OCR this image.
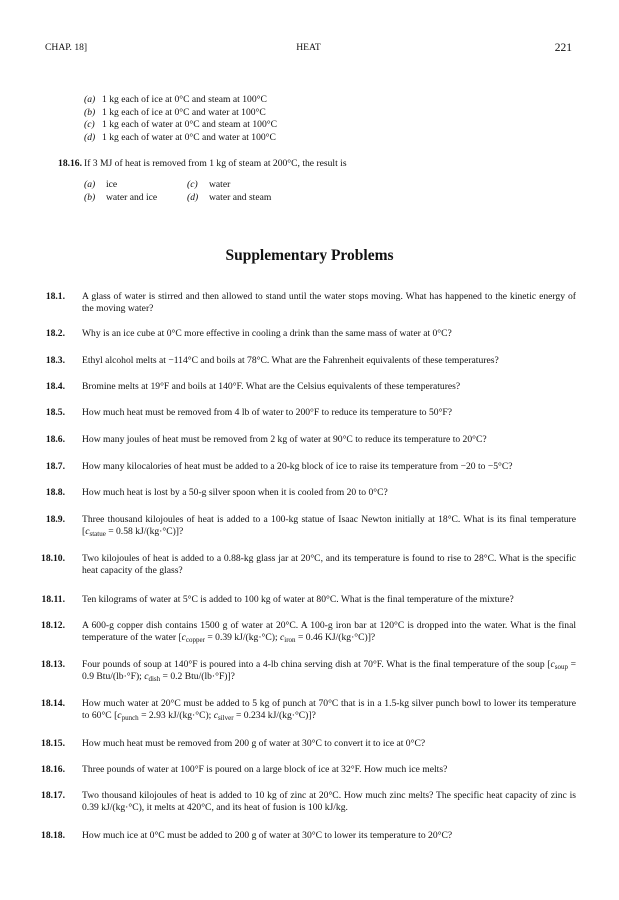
CHAP. 18]	HEAT	221
(a) 1 kg each of ice at 0°C and steam at 100°C
(b) 1 kg each of ice at 0°C and water at 100°C
(c) 1 kg each of water at 0°C and steam at 100°C
(d) 1 kg each of water at 0°C and water at 100°C
18.16. If 3 MJ of heat is removed from 1 kg of steam at 200°C, the result is
(a) ice	(c) water
(b) water and ice	(d) water and steam
Supplementary Problems
18.1. A glass of water is stirred and then allowed to stand until the water stops moving. What has happened to the kinetic energy of the moving water?
18.2. Why is an ice cube at 0°C more effective in cooling a drink than the same mass of water at 0°C?
18.3. Ethyl alcohol melts at −114°C and boils at 78°C. What are the Fahrenheit equivalents of these temperatures?
18.4. Bromine melts at 19°F and boils at 140°F. What are the Celsius equivalents of these temperatures?
18.5. How much heat must be removed from 4 lb of water to 200°F to reduce its temperature to 50°F?
18.6. How many joules of heat must be removed from 2 kg of water at 90°C to reduce its temperature to 20°C?
18.7. How many kilocalories of heat must be added to a 20-kg block of ice to raise its temperature from −20 to −5°C?
18.8. How much heat is lost by a 50-g silver spoon when it is cooled from 20 to 0°C?
18.9. Three thousand kilojoules of heat is added to a 100-kg statue of Isaac Newton initially at 18°C. What is its final temperature [$c_{statue} = 0.58$ kJ/(kg·°C)]?
18.10. Two kilojoules of heat is added to a 0.88-kg glass jar at 20°C, and its temperature is found to rise to 28°C. What is the specific heat capacity of the glass?
18.11. Ten kilograms of water at 5°C is added to 100 kg of water at 80°C. What is the final temperature of the mixture?
18.12. A 600-g copper dish contains 1500 g of water at 20°C. A 100-g iron bar at 120°C is dropped into the water. What is the final temperature of the water [$c_{copper} = 0.39$ kJ/(kg·°C); $c_{iron} = 0.46$ KJ/(kg·°C)]?
18.13. Four pounds of soup at 140°F is poured into a 4-lb china serving dish at 70°F. What is the final temperature of the soup [$c_{soup} = 0.9$ Btu/(lb·°F); $c_{dish} = 0.2$ Btu/(lb·°F)]?
18.14. How much water at 20°C must be added to 5 kg of punch at 70°C that is in a 1.5-kg silver punch bowl to lower its temperature to 60°C [$c_{punch} = 2.93$ kJ/(kg·°C); $c_{silver} = 0.234$ kJ/(kg·°C)]?
18.15. How much heat must be removed from 200 g of water at 30°C to convert it to ice at 0°C?
18.16. Three pounds of water at 100°F is poured on a large block of ice at 32°F. How much ice melts?
18.17. Two thousand kilojoules of heat is added to 10 kg of zinc at 20°C. How much zinc melts? The specific heat capacity of zinc is 0.39 kJ/(kg·°C), it melts at 420°C, and its heat of fusion is 100 kJ/kg.
18.18. How much ice at 0°C must be added to 200 g of water at 30°C to lower its temperature to 20°C?
